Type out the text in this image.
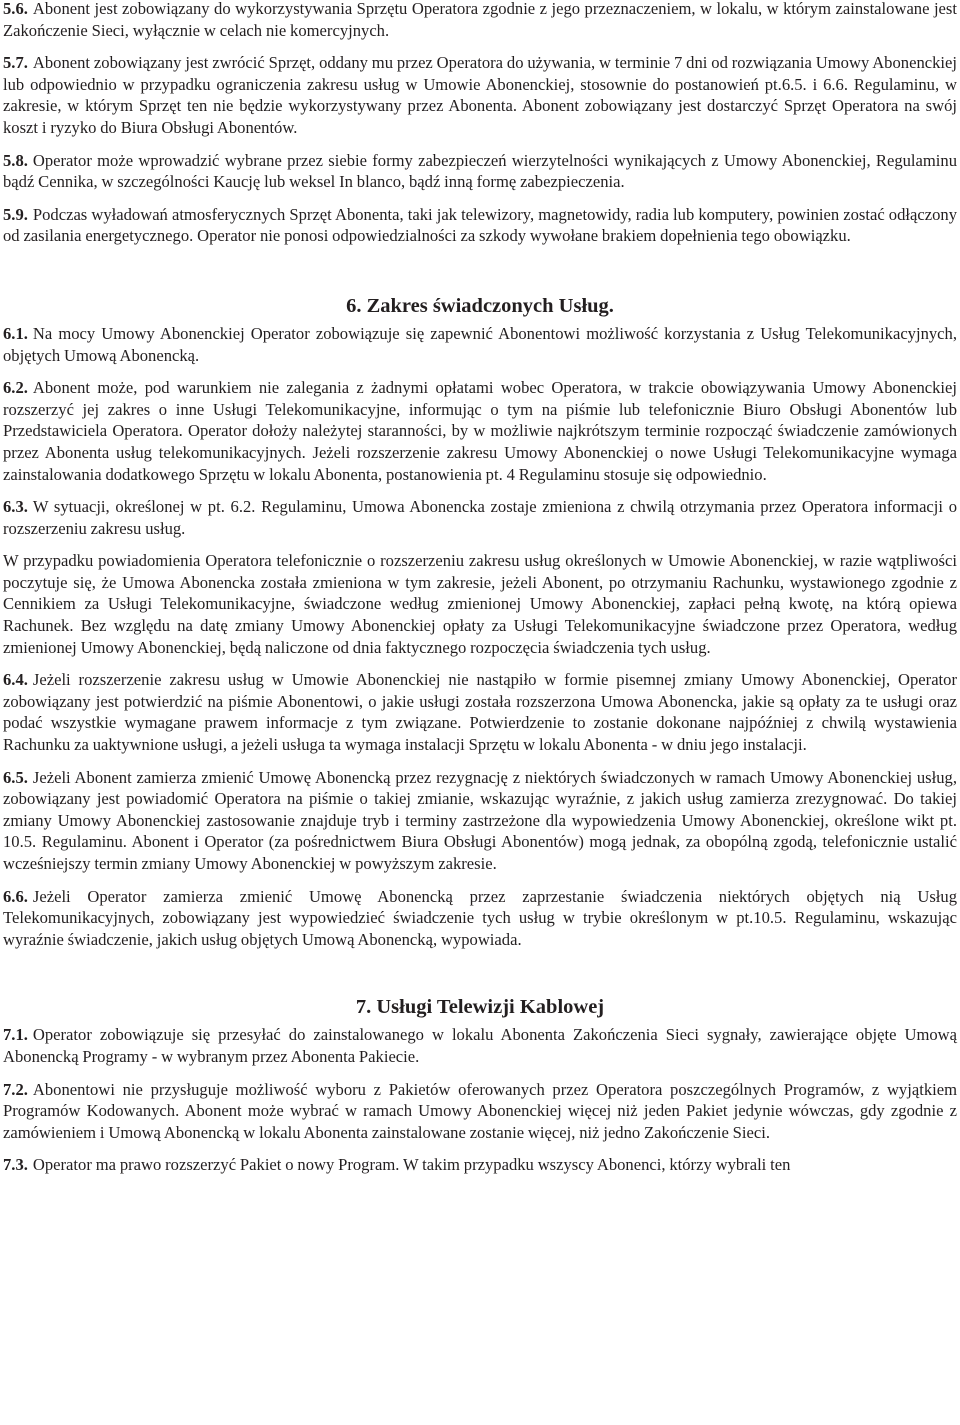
5.6. Abonent jest zobowiązany do wykorzystywania Sprzętu Operatora zgodnie z jego przeznaczeniem, w lokalu, w którym zainstalowane jest Zakończenie Sieci, wyłącznie w celach nie komercyjnych.

5.7. Abonent zobowiązany jest zwrócić Sprzęt, oddany mu przez Operatora do używania, w terminie 7 dni od rozwiązania Umowy Abonenckiej lub odpowiednio w przypadku ograniczenia zakresu usług w Umowie Abonenckiej, stosownie do postanowień pt.6.5. i 6.6. Regulaminu, w zakresie, w którym Sprzęt ten nie będzie wykorzystywany przez Abonenta. Abonent zobowiązany jest dostarczyć Sprzęt Operatora na swój koszt i ryzyko do Biura Obsługi Abonentów.

5.8. Operator może wprowadzić wybrane przez siebie formy zabezpieczeń wierzytelności wynikających z Umowy Abonenckiej, Regulaminu bądź Cennika, w szczególności Kaucję lub weksel In blanco, bądź inną formę zabezpieczenia.

5.9. Podczas wyładowań atmosferycznych Sprzęt Abonenta, taki jak telewizory, magnetowidy, radia lub komputery, powinien zostać odłączony od zasilania energetycznego. Operator nie ponosi odpowiedzialności za szkody wywołane brakiem dopełnienia tego obowiązku.

6. Zakres świadczonych Usług.

6.1. Na mocy Umowy Abonenckiej Operator zobowiązuje się zapewnić Abonentowi możliwość korzystania z Usług Telekomunikacyjnych, objętych Umową Abonencką.

6.2. Abonent może, pod warunkiem nie zalegania z żadnymi opłatami wobec Operatora, w trakcie obowiązywania Umowy Abonenckiej rozszerzyć jej zakres o inne Usługi Telekomunikacyjne, informując o tym na piśmie lub telefonicznie Biuro Obsługi Abonentów lub Przedstawiciela Operatora. Operator dołoży należytej staranności, by w możliwie najkrótszym terminie rozpocząć świadczenie zamówionych przez Abonenta usług telekomunikacyjnych. Jeżeli rozszerzenie zakresu Umowy Abonenckiej o nowe Usługi Telekomunikacyjne wymaga zainstalowania dodatkowego Sprzętu w lokalu Abonenta, postanowienia pt. 4 Regulaminu stosuje się odpowiednio.

6.3. W sytuacji, określonej w pt. 6.2. Regulaminu, Umowa Abonencka zostaje zmieniona z chwilą otrzymania przez Operatora informacji o rozszerzeniu zakresu usług.

W przypadku powiadomienia Operatora telefonicznie o rozszerzeniu zakresu usług określonych w Umowie Abonenckiej, w razie wątpliwości poczytuje się, że Umowa Abonencka została zmieniona w tym zakresie, jeżeli Abonent, po otrzymaniu Rachunku, wystawionego zgodnie z Cennikiem za Usługi Telekomunikacyjne, świadczone według zmienionej Umowy Abonenckiej, zapłaci pełną kwotę, na którą opiewa Rachunek. Bez względu na datę zmiany Umowy Abonenckiej opłaty za Usługi Telekomunikacyjne świadczone przez Operatora, według zmienionej Umowy Abonenckiej, będą naliczone od dnia faktycznego rozpoczęcia świadczenia tych usług.

6.4. Jeżeli rozszerzenie zakresu usług w Umowie Abonenckiej nie nastąpiło w formie pisemnej zmiany Umowy Abonenckiej, Operator zobowiązany jest potwierdzić na piśmie Abonentowi, o jakie usługi została rozszerzona Umowa Abonencka, jakie są opłaty za te usługi oraz podać wszystkie wymagane prawem informacje z tym związane. Potwierdzenie to zostanie dokonane najpóźniej z chwilą wystawienia Rachunku za uaktywnione usługi, a jeżeli usługa ta wymaga instalacji Sprzętu w lokalu Abonenta - w dniu jego instalacji.

6.5. Jeżeli Abonent zamierza zmienić Umowę Abonencką przez rezygnację z niektórych świadczonych w ramach Umowy Abonenckiej usług, zobowiązany jest powiadomić Operatora na piśmie o takiej zmianie, wskazując wyraźnie, z jakich usług zamierza zrezygnować. Do takiej zmiany Umowy Abonenckiej zastosowanie znajduje tryb i terminy zastrzeżone dla wypowiedzenia Umowy Abonenckiej, określone wikt pt. 10.5. Regulaminu. Abonent i Operator (za pośrednictwem Biura Obsługi Abonentów) mogą jednak, za obopólną zgodą, telefonicznie ustalić wcześniejszy termin zmiany Umowy Abonenckiej w powyższym zakresie.

6.6. Jeżeli Operator zamierza zmienić Umowę Abonencką przez zaprzestanie świadczenia niektórych objętych nią Usług Telekomunikacyjnych, zobowiązany jest wypowiedzieć świadczenie tych usług w trybie określonym w pt.10.5. Regulaminu, wskazując wyraźnie świadczenie, jakich usług objętych Umową Abonencką, wypowiada.

7. Usługi Telewizji Kablowej

7.1. Operator zobowiązuje się przesyłać do zainstalowanego w lokalu Abonenta Zakończenia Sieci sygnały, zawierające objęte Umową Abonencką Programy - w wybranym przez Abonenta Pakiecie.

7.2. Abonentowi nie przysługuje możliwość wyboru z Pakietów oferowanych przez Operatora poszczególnych Programów, z wyjątkiem Programów Kodowanych. Abonent może wybrać w ramach Umowy Abonenckiej więcej niż jeden Pakiet jedynie wówczas, gdy zgodnie z zamówieniem i Umową Abonencką w lokalu Abonenta zainstalowane zostanie więcej, niż jedno Zakończenie Sieci.

7.3. Operator ma prawo rozszerzyć Pakiet o nowy Program. W takim przypadku wszyscy Abonenci, którzy wybrali ten
